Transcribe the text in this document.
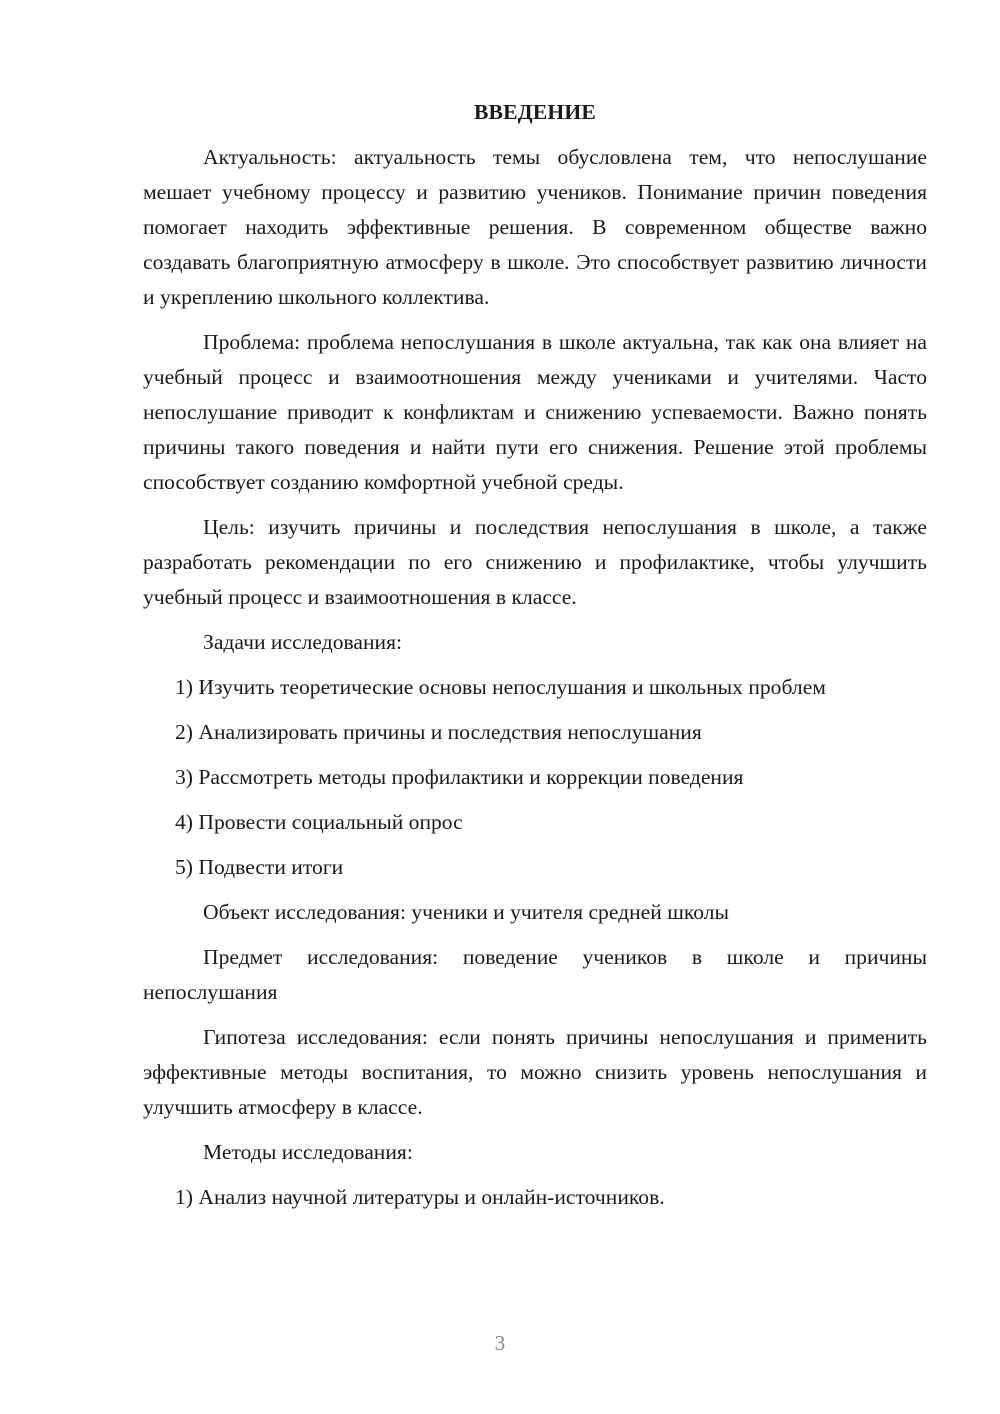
ВВЕДЕНИЕ

Актуальность: актуальность темы обусловлена тем, что непослушание мешает учебному процессу и развитию учеников. Понимание причин поведения помогает находить эффективные решения. В современном обществе важно создавать благоприятную атмосферу в школе. Это способствует развитию личности и укреплению школьного коллектива.

Проблема: проблема непослушания в школе актуальна, так как она влияет на учебный процесс и взаимоотношения между учениками и учителями. Часто непослушание приводит к конфликтам и снижению успеваемости. Важно понять причины такого поведения и найти пути его снижения. Решение этой проблемы способствует созданию комфортной учебной среды.

Цель: изучить причины и последствия непослушания в школе, а также разработать рекомендации по его снижению и профилактике, чтобы улучшить учебный процесс и взаимоотношения в классе.

Задачи исследования:

1) Изучить теоретические основы непослушания и школьных проблем
2) Анализировать причины и последствия непослушания
3) Рассмотреть методы профилактики и коррекции поведения
4) Провести социальный опрос
5) Подвести итоги

Объект исследования: ученики и учителя средней школы

Предмет исследования: поведение учеников в школе и причины непослушания

Гипотеза исследования: если понять причины непослушания и применить эффективные методы воспитания, то можно снизить уровень непослушания и улучшить атмосферу в классе.

Методы исследования:

1) Анализ научной литературы и онлайн-источников.
3
